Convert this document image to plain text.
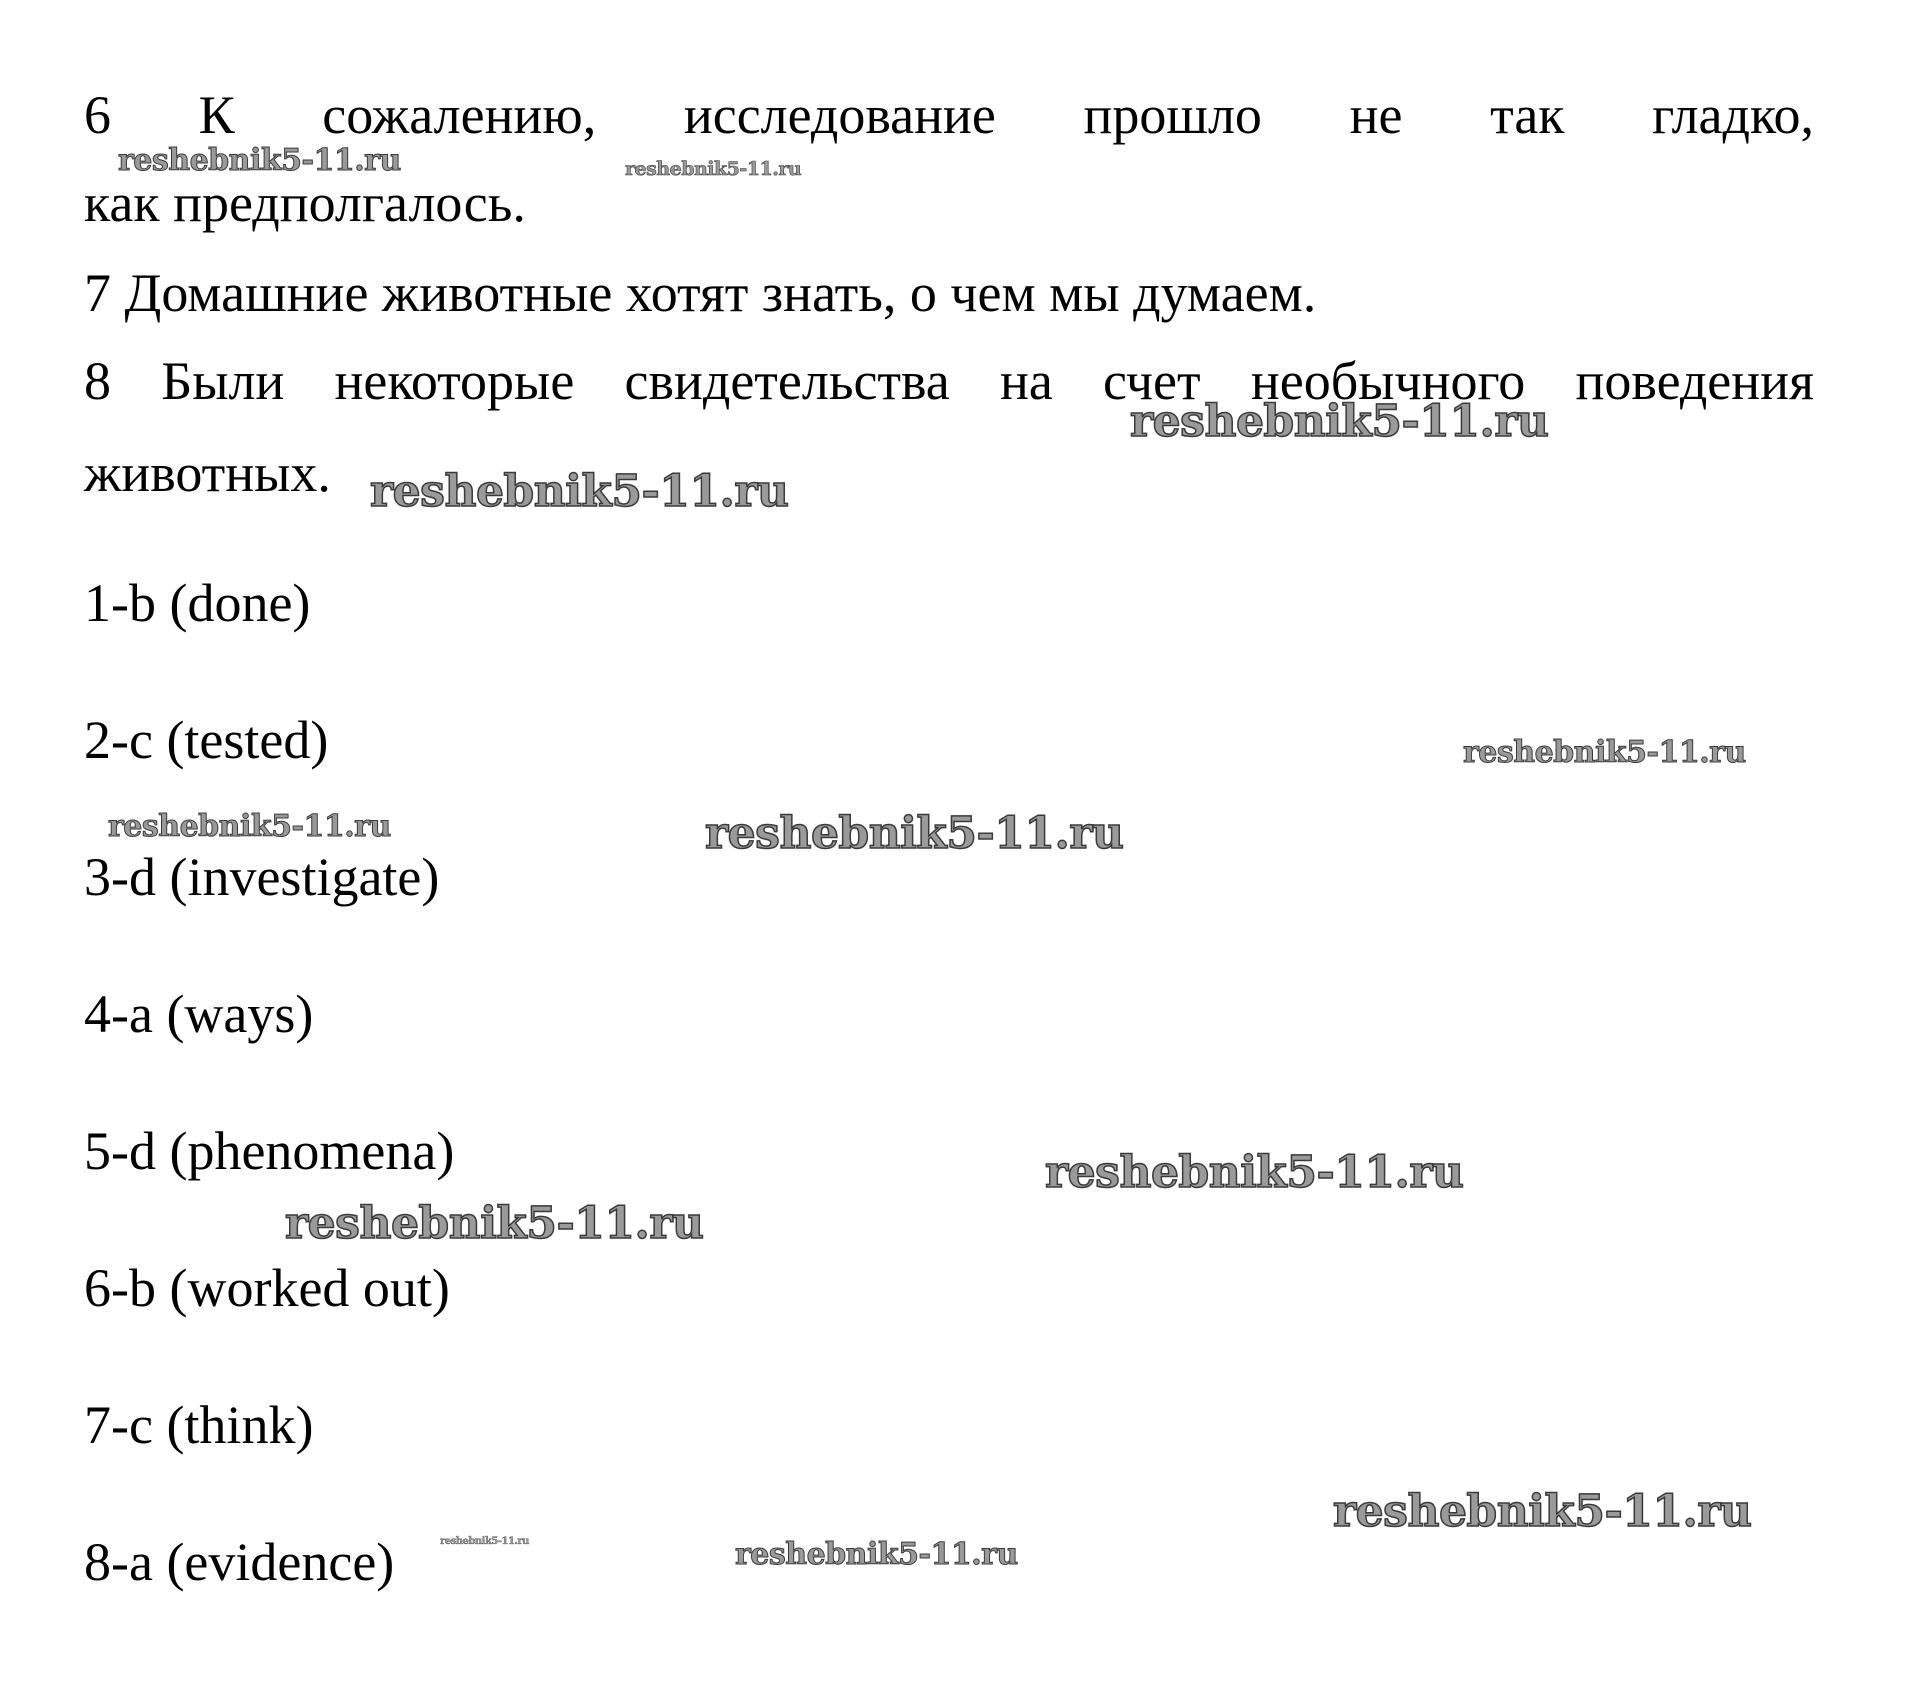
6 К сожалению, исследование прошло не так гладко,
как предполгалось.
7 Домашние животные хотят знать, о чем мы думаем.
8 Были некоторые свидетельства на счет необычного поведения
животных.
1-b (done)
2-c (tested)
3-d (investigate)
4-a (ways)
5-d (phenomena)
6-b (worked out)
7-c (think)
8-a (evidence)
reshebnik5-11.ru	reshebnik5-11.ru
reshebnik5-11.ru
reshebnik5-11.ru
reshebnik5-11.ru
reshebnik5-11.ru	reshebnik5-11.ru
reshebnik5-11.ru
reshebnik5-11.ru
reshebnik5-11.ru
reshebnik5-11.ru	reshebnik5-11.ru
